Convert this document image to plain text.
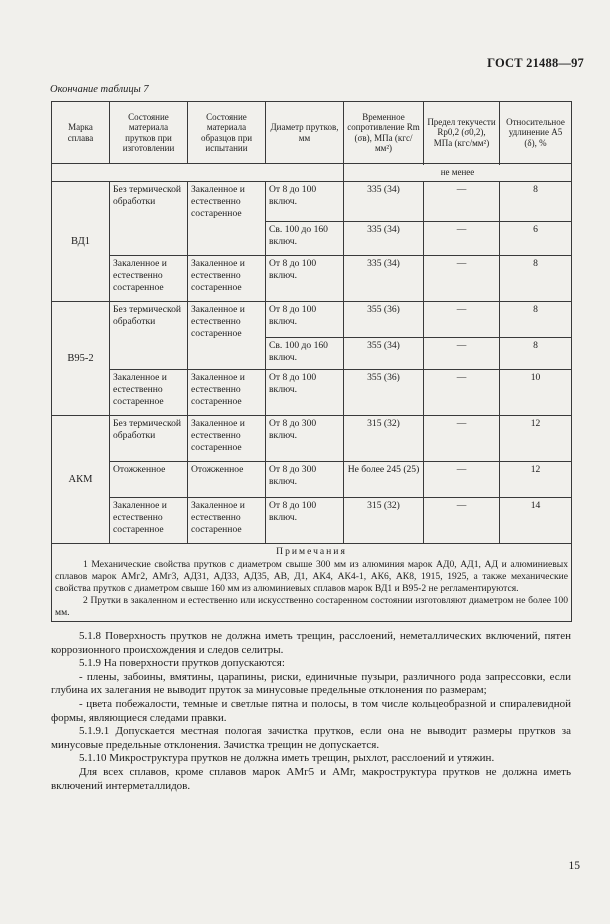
ГОСТ 21488—97
Окончание таблицы 7
Марка сплава	Состояние материала прутков при изготовлении	Состояние материала образцов при испытании	Диаметр прутков, мм	Временное сопротивление Rm (σв), МПа (кгс/мм²)	Предел текучести Rp0,2 (σ0,2), МПа (кгс/мм²)	Относительное удлинение A5 (δ), %

				не менее		
ВД1	Без термической обработки	Закаленное и естественно состаренное	От 8 до 100 включ.	335 (34)	—	8
			Св. 100 до 160 включ.	335 (34)	—	6
	Закаленное и естественно состаренное	Закаленное и естественно состаренное	От 8 до 100 включ.	335 (34)	—	8
В95-2	Без термической обработки	Закаленное и естественно состаренное	От 8 до 100 включ.	355 (36)	—	8
			Св. 100 до 160 включ.	355 (34)	—	8
	Закаленное и естественно состаренное	Закаленное и естественно состаренное	От 8 до 100 включ.	355 (36)	—	10
АКМ	Без термической обработки	Закаленное и естественно состаренное	От 8 до 300 включ.	315 (32)	—	12
	Отожженное	Отожженное	От 8 до 300 включ.	Не более 245 (25)	—	12
	Закаленное и естественно состаренное	Закаленное и естественно состаренное	От 8 до 100 включ.	315 (32)	—	14

Примечания

1 Механические свойства прутков с диаметром свыше 300 мм из алюминия марок АД0, АД1, АД и алюминиевых сплавов марок АМг2, АМг3, АД31, АД33, АД35, АВ, Д1, АК4, АК4-1, АК6, АК8, 1915, 1925, а также механические свойства прутков с диаметром свыше 160 мм из алюминиевых сплавов марок ВД1 и В95-2 не регламентируются.

2 Прутки в закаленном и естественно или искусственно состаренном состоянии изготовляют диаметром не более 100 мм.						

5.1.8 Поверхность прутков не должна иметь трещин, расслоений, неметаллических включений, пятен коррозионного происхождения и следов селитры.

5.1.9 На поверхности прутков допускаются:

- плены, забоины, вмятины, царапины, риски, единичные пузыри, различного рода запрессовки, если глубина их залегания не выводит пруток за минусовые предельные отклонения по размерам;

- цвета побежалости, темные и светлые пятна и полосы, в том числе кольцеобразной и спиралевидной формы, являющиеся следами правки.

5.1.9.1 Допускается местная пологая зачистка прутков, если она не выводит размеры прутков за минусовые предельные отклонения. Зачистка трещин не допускается.

5.1.10 Микроструктура прутков не должна иметь трещин, рыхлот, расслоений и утяжин.

Для всех сплавов, кроме сплавов марок АМг5 и АМг, макроструктура прутков не должна иметь включений интерметаллидов.

15
